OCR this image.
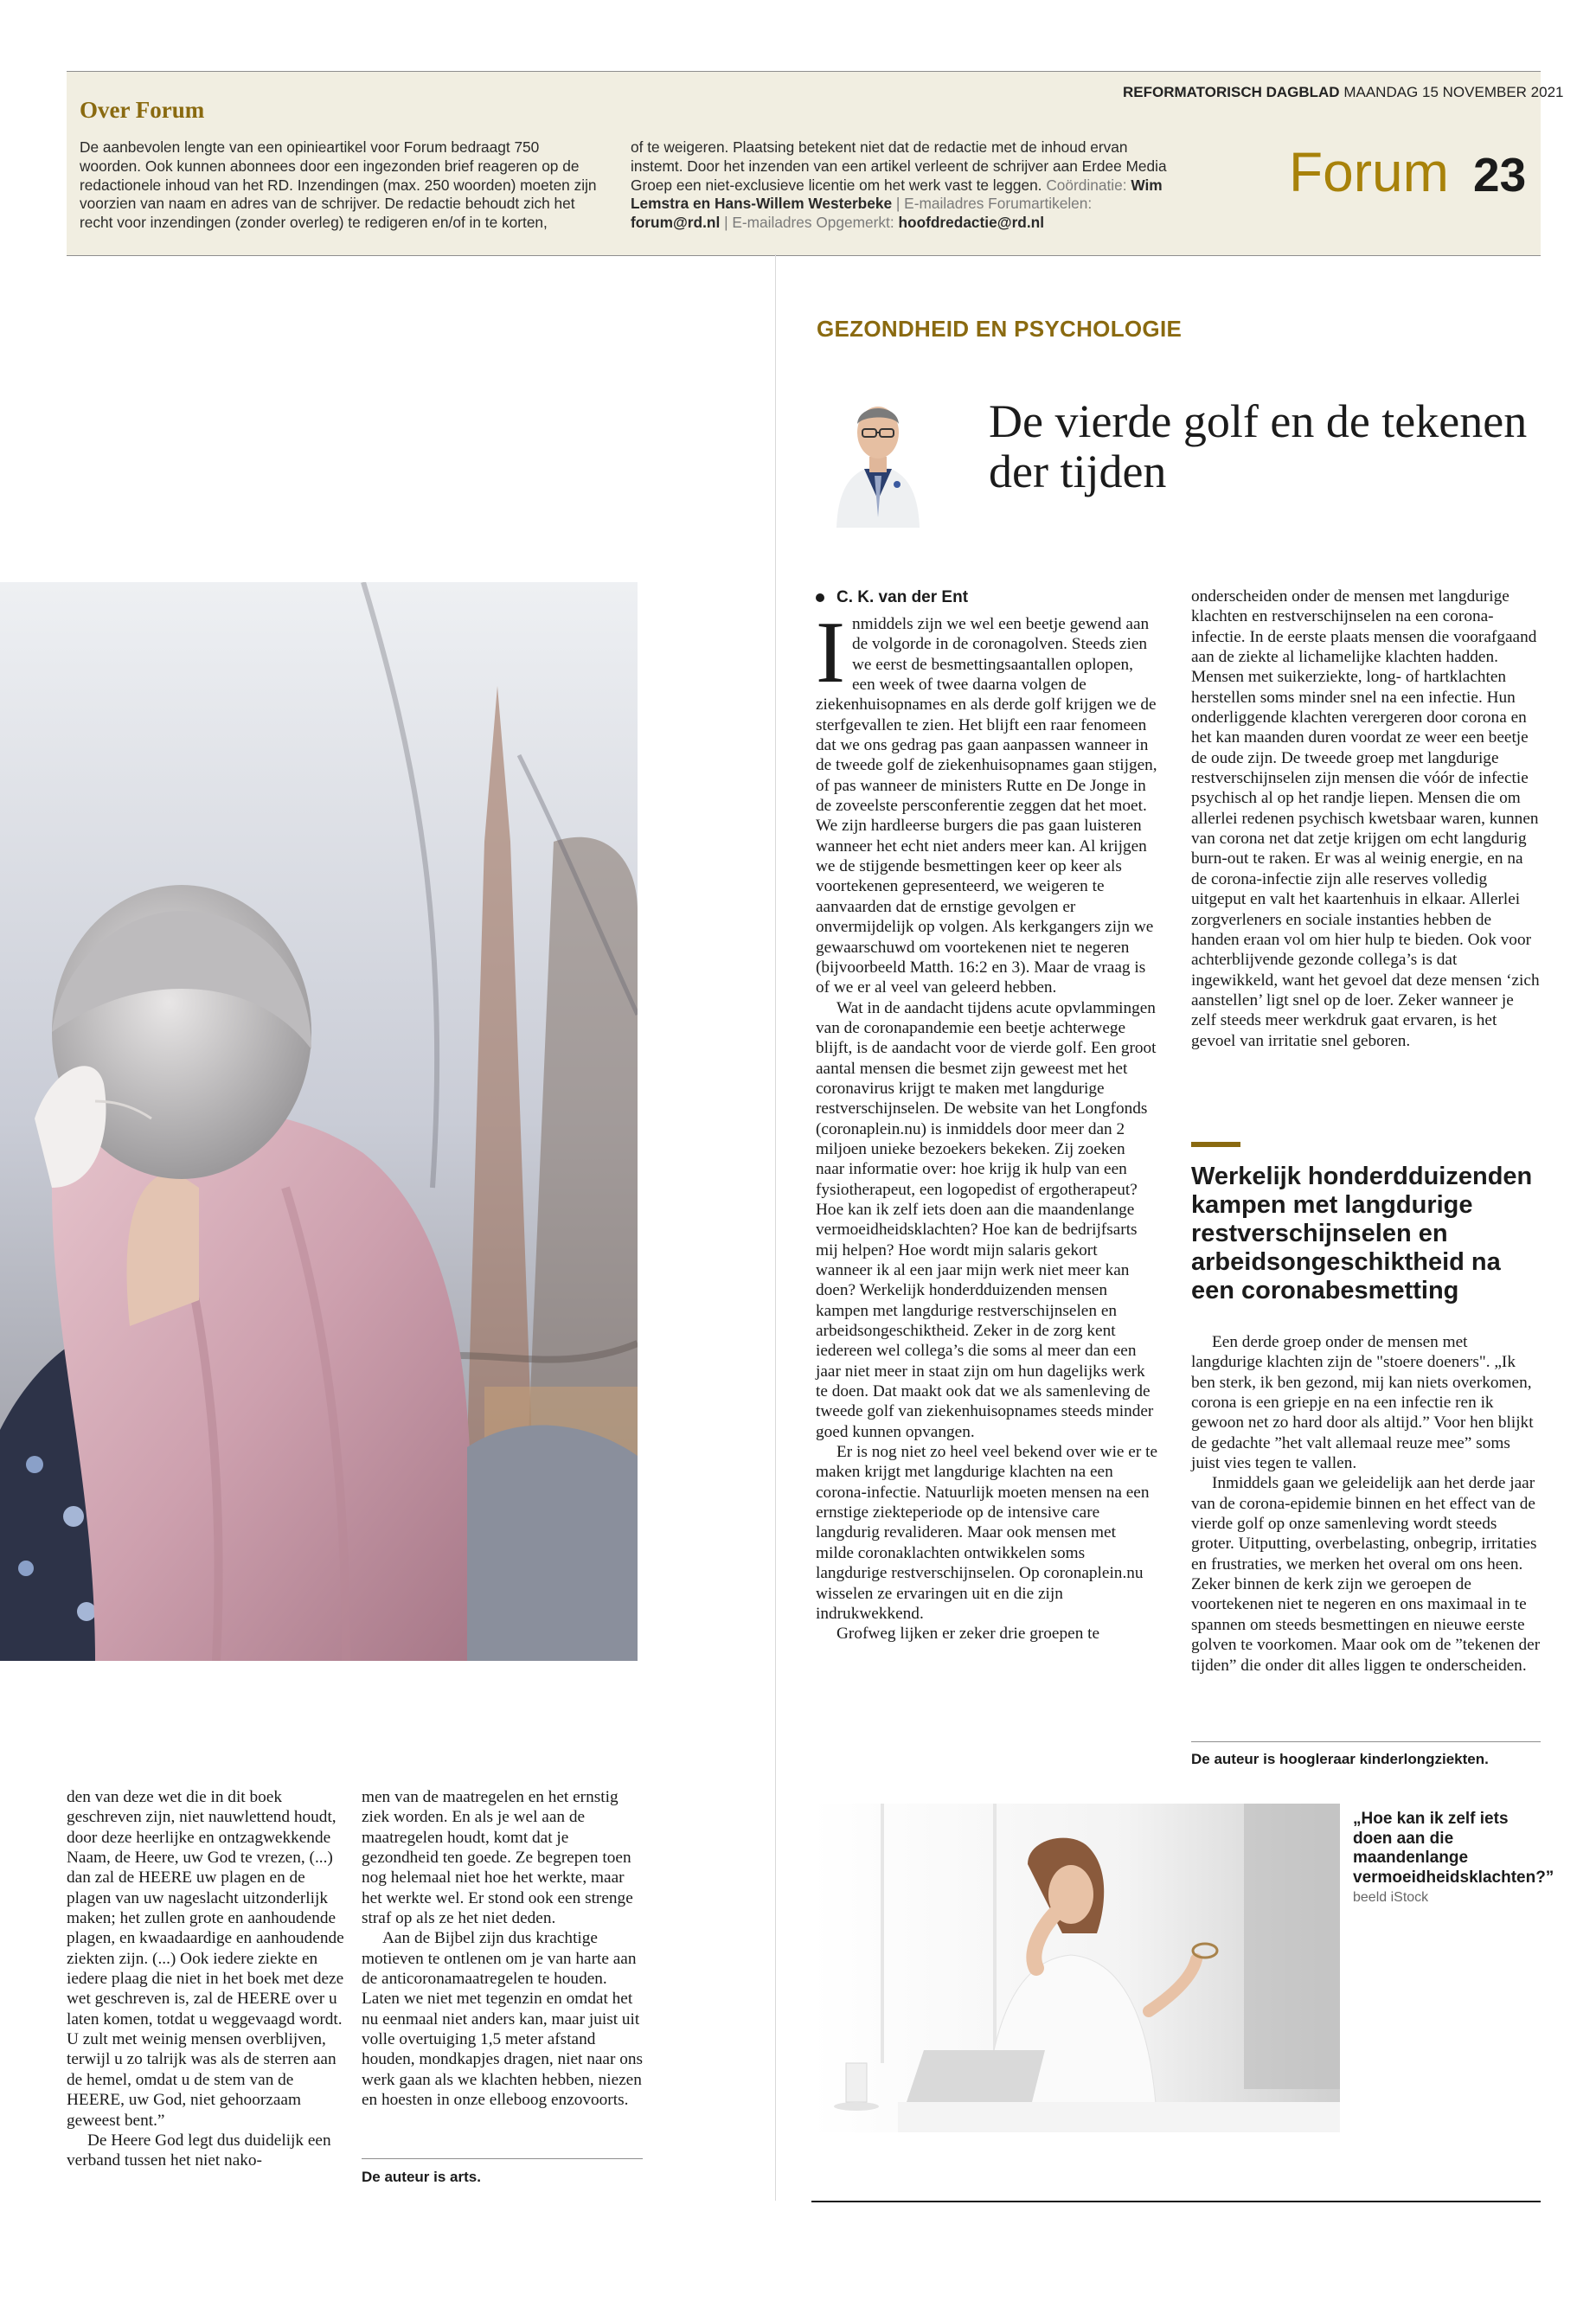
REFORMATORISCH DAGBLAD MAANDAG 15 NOVEMBER 2021
Over Forum
De aanbevolen lengte van een opinieartikel voor Forum bedraagt 750 woorden. Ook kunnen abonnees door een ingezonden brief reageren op de redactionele inhoud van het RD. Inzendingen (max. 250 woorden) moeten zijn voorzien van naam en adres van de schrijver. De redactie behoudt zich het recht voor inzendingen (zonder overleg) te redigeren en/of in te korten,
of te weigeren. Plaatsing betekent niet dat de redactie met de inhoud ervan instemt. Door het inzenden van een artikel verleent de schrijver aan Erdee Media Groep een niet-exclusieve licentie om het werk vast te leggen. Coördinatie: Wim Lemstra en Hans-Willem Westerbeke | E-mailadres Forumartikelen: forum@rd.nl | E-mailadres Opgemerkt: hoofdredactie@rd.nl
Forum 23
GEZONDHEID EN PSYCHOLOGIE
De vierde golf en de tekenen der tijden
C. K. van der Ent

Inmiddels zijn we wel een beetje gewend aan de volgorde in de coronagolven. Steeds zien we eerst de besmettingsaantallen oplopen, een week of twee daarna volgen de ziekenhuisopnames en als derde golf krijgen we de sterfgevallen te zien. Het blijft een raar fenomeen dat we ons gedrag pas gaan aanpassen wanneer in de tweede golf de ziekenhuisopnames gaan stijgen, of pas wanneer de ministers Rutte en De Jonge in de zoveelste persconferentie zeggen dat het moet. We zijn hardleerse burgers die pas gaan luisteren wanneer het echt niet anders meer kan. Al krijgen we de stijgende besmettingen keer op keer als voortekenen gepresenteerd, we weigeren te aanvaarden dat de ernstige gevolgen er onvermijdelijk op volgen. Als kerkgangers zijn we gewaarschuwd om voortekenen niet te negeren (bijvoorbeeld Matth. 16:2 en 3). Maar de vraag is of we er al veel van geleerd hebben.

Wat in de aandacht tijdens acute opvlammingen van de coronapandemie een beetje achterwege blijft, is de aandacht voor de vierde golf. Een groot aantal mensen die besmet zijn geweest met het coronavirus krijgt te maken met langdurige restverschijnselen. De website van het Longfonds (coronaplein.nu) is inmiddels door meer dan 2 miljoen unieke bezoekers bekeken. Zij zoeken naar informatie over: hoe krijg ik hulp van een fysiotherapeut, een logopedist of ergotherapeut? Hoe kan ik zelf iets doen aan die maandenlange vermoeidheidsklachten? Hoe kan de bedrijfsarts mij helpen? Hoe wordt mijn salaris gekort wanneer ik al een jaar mijn werk niet meer kan doen? Werkelijk honderdduizenden mensen kampen met langdurige restverschijnselen en arbeidsongeschiktheid. Zeker in de zorg kent iedereen wel collega’s die soms al meer dan een jaar niet meer in staat zijn om hun dagelijks werk te doen. Dat maakt ook dat we als samenleving de tweede golf van ziekenhuisopnames steeds minder goed kunnen opvangen.

Er is nog niet zo heel veel bekend over wie er te maken krijgt met langdurige klachten na een corona-infectie. Natuurlijk moeten mensen na een ernstige ziekteperiode op de intensive care langdurig revalideren. Maar ook mensen met milde coronaklachten ontwikkelen soms langdurige restverschijnselen. Op coronaplein.nu wisselen ze ervaringen uit en die zijn indrukwekkend.

Grofweg lijken er zeker drie groepen te

onderscheiden onder de mensen met langdurige klachten en restverschijnselen na een corona-infectie. In de eerste plaats mensen die voorafgaand aan de ziekte al lichamelijke klachten hadden. Mensen met suikerziekte, long- of hartklachten herstellen soms minder snel na een infectie. Hun onderliggende klachten verergeren door corona en het kan maanden duren voordat ze weer een beetje de oude zijn. De tweede groep met langdurige restverschijnselen zijn mensen die vóór de infectie psychisch al op het randje liepen. Mensen die om allerlei redenen psychisch kwetsbaar waren, kunnen van corona net dat zetje krijgen om echt langdurig burn-out te raken. Er was al weinig energie, en na de corona-infectie zijn alle reserves volledig uitgeput en valt het kaartenhuis in elkaar. Allerlei zorgverleners en sociale instanties hebben de handen eraan vol om hier hulp te bieden. Ook voor achterblijvende gezonde collega’s is dat ingewikkeld, want het gevoel dat deze mensen ‘zich aanstellen’ ligt snel op de loer. Zeker wanneer je zelf steeds meer werkdruk gaat ervaren, is het gevoel van irritatie snel geboren.

Werkelijk honderdduizenden kampen met langdurige restverschijnselen en arbeidsongeschiktheid na een coronabesmetting

Een derde groep onder de mensen met langdurige klachten zijn de "stoere doeners". „Ik ben sterk, ik ben gezond, mij kan niets overkomen, corona is een griepje en na een infectie ren ik gewoon net zo hard door als altijd.” Voor hen blijkt de gedachte ”het valt allemaal reuze mee” soms juist vies tegen te vallen.

Inmiddels gaan we geleidelijk aan het derde jaar van de corona-epidemie binnen en het effect van de vierde golf op onze samenleving wordt steeds groter. Uitputting, overbelasting, onbegrip, irritaties en frustraties, we merken het overal om ons heen. Zeker binnen de kerk zijn we geroepen de voortekenen niet te negeren en ons maximaal in te spannen om steeds besmettingen en nieuwe eerste golven te voorkomen. Maar ook om de ”tekenen der tijden” die onder dit alles liggen te onderscheiden.

De auteur is hoogleraar kinderlongziekten.
„Hoe kan ik zelf iets doen aan die maandenlange vermoeidheidsklachten?” beeld iStock

den van deze wet die in dit boek geschreven zijn, niet nauwlettend houdt, door deze heerlijke en ontzagwekkende Naam, de Heere, uw God te vrezen, (...) dan zal de HEERE uw plagen en de plagen van uw nageslacht uitzonderlijk maken; het zullen grote en aanhoudende plagen, en kwaadaardige en aanhoudende ziekten zijn. (...) Ook iedere ziekte en iedere plaag die niet in het boek met deze wet geschreven is, zal de HEERE over u laten komen, totdat u weggevaagd wordt. U zult met weinig mensen overblijven, terwijl u zo talrijk was als de sterren aan de hemel, omdat u de stem van de HEERE, uw God, niet gehoorzaam geweest bent.”

De Heere God legt dus duidelijk een verband tussen het niet nako-

men van de maatregelen en het ernstig ziek worden. En als je wel aan de maatregelen houdt, komt dat je gezondheid ten goede. Ze begrepen toen nog helemaal niet hoe het werkte, maar het werkte wel. Er stond ook een strenge straf op als ze het niet deden.

Aan de Bijbel zijn dus krachtige motieven te ontlenen om je van harte aan de anticoronamaatregelen te houden. Laten we niet met tegenzin en omdat het nu eenmaal niet anders kan, maar juist uit volle overtuiging 1,5 meter afstand houden, mondkapjes dragen, niet naar ons werk gaan als we klachten hebben, niezen en hoesten in onze elleboog enzovoorts.

De auteur is arts.
